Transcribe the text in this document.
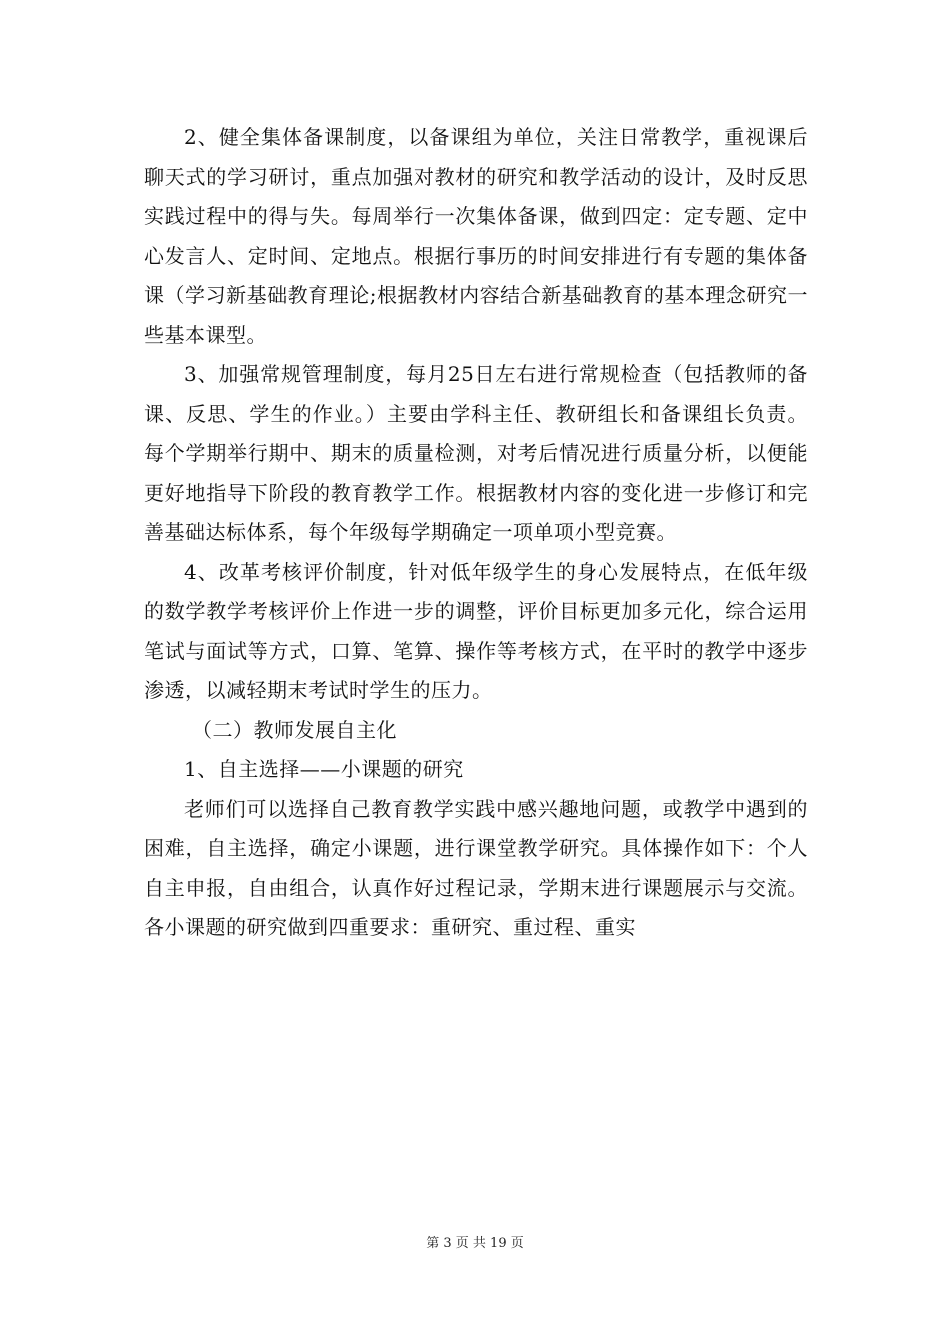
2、健全集体备课制度，以备课组为单位，关注日常教学，重视课后聊天式的学习研讨，重点加强对教材的研究和教学活动的设计，及时反思实践过程中的得与失。每周举行一次集体备课，做到四定：定专题、定中心发言人、定时间、定地点。根据行事历的时间安排进行有专题的集体备课（学习新基础教育理论;根据教材内容结合新基础教育的基本理念研究一些基本课型。

3、加强常规管理制度，每月25日左右进行常规检查（包括教师的备课、反思、学生的作业。）主要由学科主任、教研组长和备课组长负责。每个学期举行期中、期末的质量检测，对考后情况进行质量分析，以便能更好地指导下阶段的教育教学工作。根据教材内容的变化进一步修订和完善基础达标体系，每个年级每学期确定一项单项小型竞赛。

4、改革考核评价制度，针对低年级学生的身心发展特点，在低年级的数学教学考核评价上作进一步的调整，评价目标更加多元化，综合运用笔试与面试等方式，口算、笔算、操作等考核方式，在平时的教学中逐步渗透，以减轻期末考试时学生的压力。

（二）教师发展自主化

1、自主选择——小课题的研究

老师们可以选择自己教育教学实践中感兴趣地问题，或教学中遇到的困难，自主选择，确定小课题，进行课堂教学研究。具体操作如下：个人自主申报，自由组合，认真作好过程记录，学期末进行课题展示与交流。各小课题的研究做到四重要求：重研究、重过程、重实

第 3 页 共 19 页
